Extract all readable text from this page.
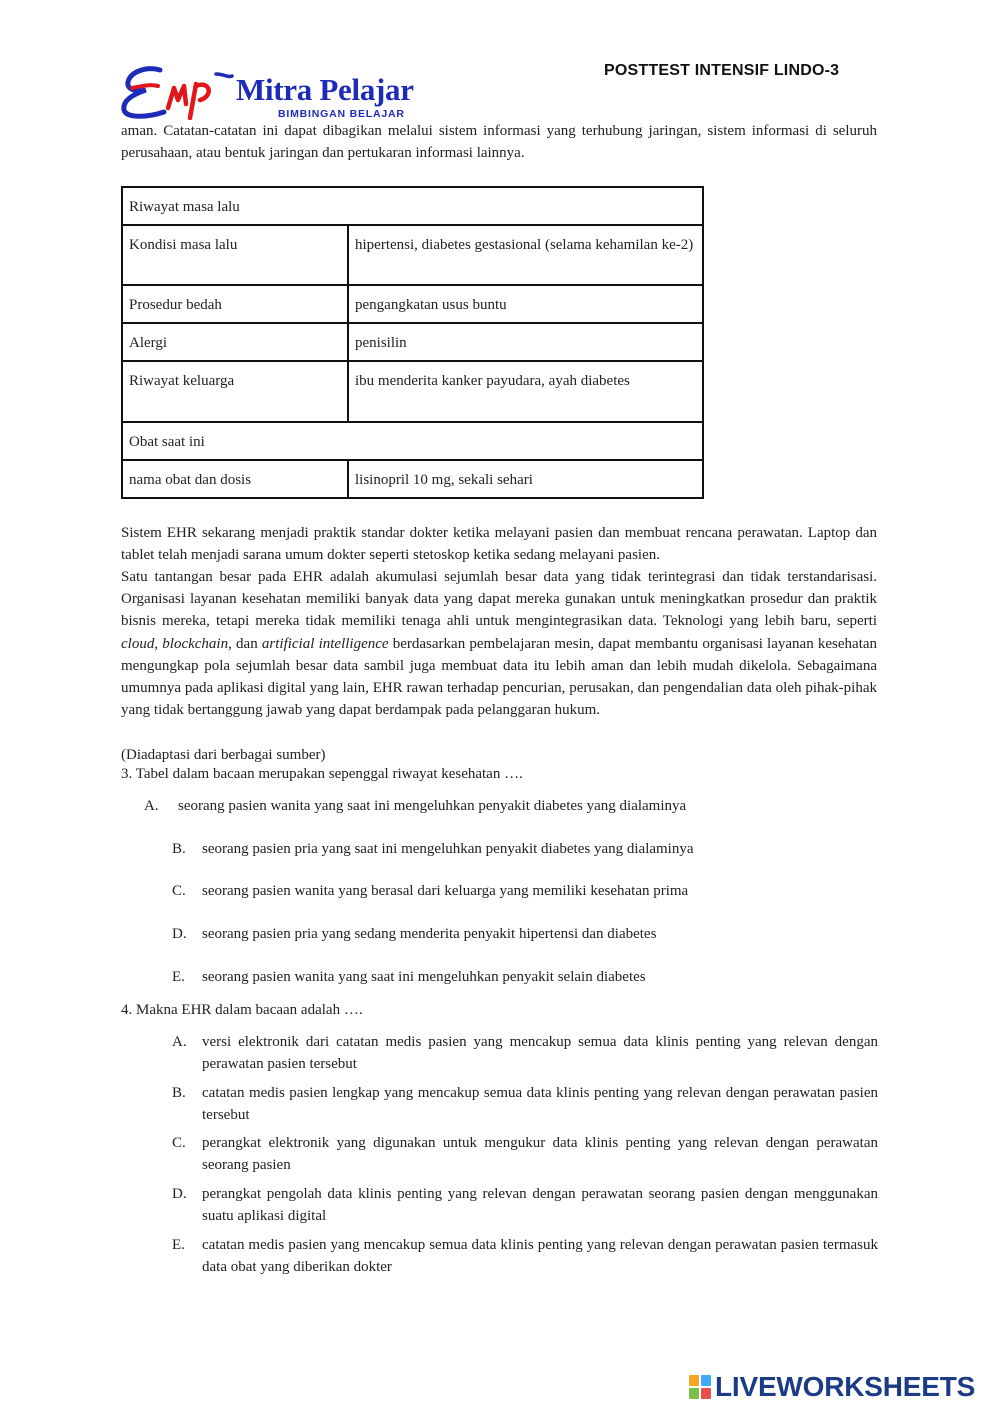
POSTTEST INTENSIF LINDO-3
Mitra Pelajar
BIMBINGAN BELAJAR

aman. Catatan-catatan ini dapat dibagikan melalui sistem informasi yang terhubung jaringan, sistem informasi di seluruh perusahaan, atau bentuk jaringan dan pertukaran informasi lainnya.

Riwayat masa lalu	
Kondisi masa lalu	hipertensi, diabetes gestasional (selama kehamilan ke-2)
Prosedur bedah	pengangkatan usus buntu
Alergi	penisilin
Riwayat keluarga	ibu menderita kanker payudara, ayah diabetes
Obat saat ini	
nama obat dan dosis	lisinopril 10 mg, sekali sehari

Sistem EHR sekarang menjadi praktik standar dokter ketika melayani pasien dan membuat rencana perawatan. Laptop dan tablet telah menjadi sarana umum dokter seperti stetoskop ketika sedang melayani pasien.

Satu tantangan besar pada EHR adalah akumulasi sejumlah besar data yang tidak terintegrasi dan tidak terstandarisasi. Organisasi layanan kesehatan memiliki banyak data yang dapat mereka gunakan untuk meningkatkan prosedur dan praktik bisnis mereka, tetapi mereka tidak memiliki tenaga ahli untuk mengintegrasikan data. Teknologi yang lebih baru, seperti cloud, blockchain, dan artificial intelligence berdasarkan pembelajaran mesin, dapat membantu organisasi layanan kesehatan mengungkap pola sejumlah besar data sambil juga membuat data itu lebih aman dan lebih mudah dikelola. Sebagaimana umumnya pada aplikasi digital yang lain, EHR rawan terhadap pencurian, perusakan, dan pengendalian data oleh pihak-pihak yang tidak bertanggung jawab yang dapat berdampak pada pelanggaran hukum.

(Diadaptasi dari berbagai sumber)

3. Tabel dalam bacaan merupakan sepenggal riwayat kesehatan ….

A. seorang pasien wanita yang saat ini mengeluhkan penyakit diabetes yang dialaminya
B. seorang pasien pria yang saat ini mengeluhkan penyakit diabetes yang dialaminya
C. seorang pasien wanita yang berasal dari keluarga yang memiliki kesehatan prima
D. seorang pasien pria yang sedang menderita penyakit hipertensi dan diabetes
E. seorang pasien wanita yang saat ini mengeluhkan penyakit selain diabetes

4. Makna EHR dalam bacaan adalah ….

A. versi elektronik dari catatan medis pasien yang mencakup semua data klinis penting yang relevan dengan perawatan pasien tersebut
B. catatan medis pasien lengkap yang mencakup semua data klinis penting yang relevan dengan perawatan pasien tersebut
C. perangkat elektronik yang digunakan untuk mengukur data klinis penting yang relevan dengan perawatan seorang pasien
D. perangkat pengolah data klinis penting yang relevan dengan perawatan seorang pasien dengan menggunakan suatu aplikasi digital
E. catatan medis pasien yang mencakup semua data klinis penting yang relevan dengan perawatan pasien termasuk data obat yang diberikan dokter
LIVEWORKSHEETS
